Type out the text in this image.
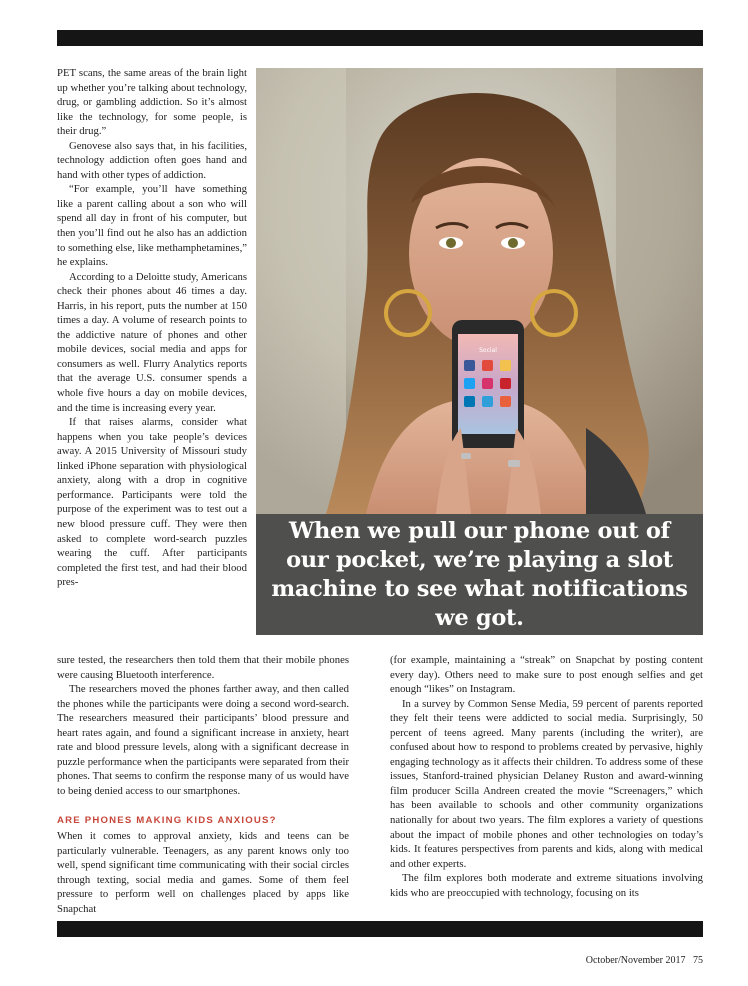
PET scans, the same areas of the brain light up whether you’re talking about technology, drug, or gambling addiction. So it’s almost like the technology, for some people, is their drug.”

Genovese also says that, in his facilities, technology addiction often goes hand and hand with other types of addiction.

“For example, you’ll have something like a parent calling about a son who will spend all day in front of his computer, but then you’ll find out he also has an addiction to something else, like methamphetamines,” he explains.

According to a Deloitte study, Americans check their phones about 46 times a day. Harris, in his report, puts the number at 150 times a day. A volume of research points to the addictive nature of phones and other mobile devices, social media and apps for consumers as well. Flurry Analytics reports that the average U.S. consumer spends a whole five hours a day on mobile devices, and the time is increasing every year.

If that raises alarms, consider what happens when you take people’s devices away. A 2015 University of Missouri study linked iPhone separation with physiological anxiety, along with a drop in cognitive performance. Participants were told the purpose of the experiment was to test out a new blood pressure cuff. They were then asked to complete word-search puzzles wearing the cuff. After participants completed the first test, and had their blood pres-

Social

When we pull our phone out of our pocket, we’re playing a slot machine to see what notifications we got.

sure tested, the researchers then told them that their mobile phones were causing Bluetooth interference.

The researchers moved the phones farther away, and then called the phones while the participants were doing a second word-search. The researchers measured their participants’ blood pressure and heart rates again, and found a significant increase in anxiety, heart rate and blood pressure levels, along with a significant decrease in puzzle performance when the participants were separated from their phones. That seems to confirm the response many of us would have to being denied access to our smartphones.

ARE PHONES MAKING KIDS ANXIOUS?

When it comes to approval anxiety, kids and teens can be particularly vulnerable. Teenagers, as any parent knows only too well, spend significant time communicating with their social circles through texting, social media and games. Some of them feel pressure to perform well on challenges placed by apps like Snapchat

(for example, maintaining a “streak” on Snapchat by posting content every day). Others need to make sure to post enough selfies and get enough “likes” on Instagram.

In a survey by Common Sense Media, 59 percent of parents reported they felt their teens were addicted to social media. Surprisingly, 50 percent of teens agreed. Many parents (including the writer), are confused about how to respond to problems created by pervasive, highly engaging technology as it affects their children. To address some of these issues, Stanford-trained physician Delaney Ruston and award-winning film producer Scilla Andreen created the movie “Screenagers,” which has been available to schools and other community organizations nationally for about two years. The film explores a variety of questions about the impact of mobile phones and other technologies on today’s kids. It features perspectives from parents and kids, along with medical and other experts.

The film explores both moderate and extreme situations involving kids who are preoccupied with technology, focusing on its

October/November 2017 75
